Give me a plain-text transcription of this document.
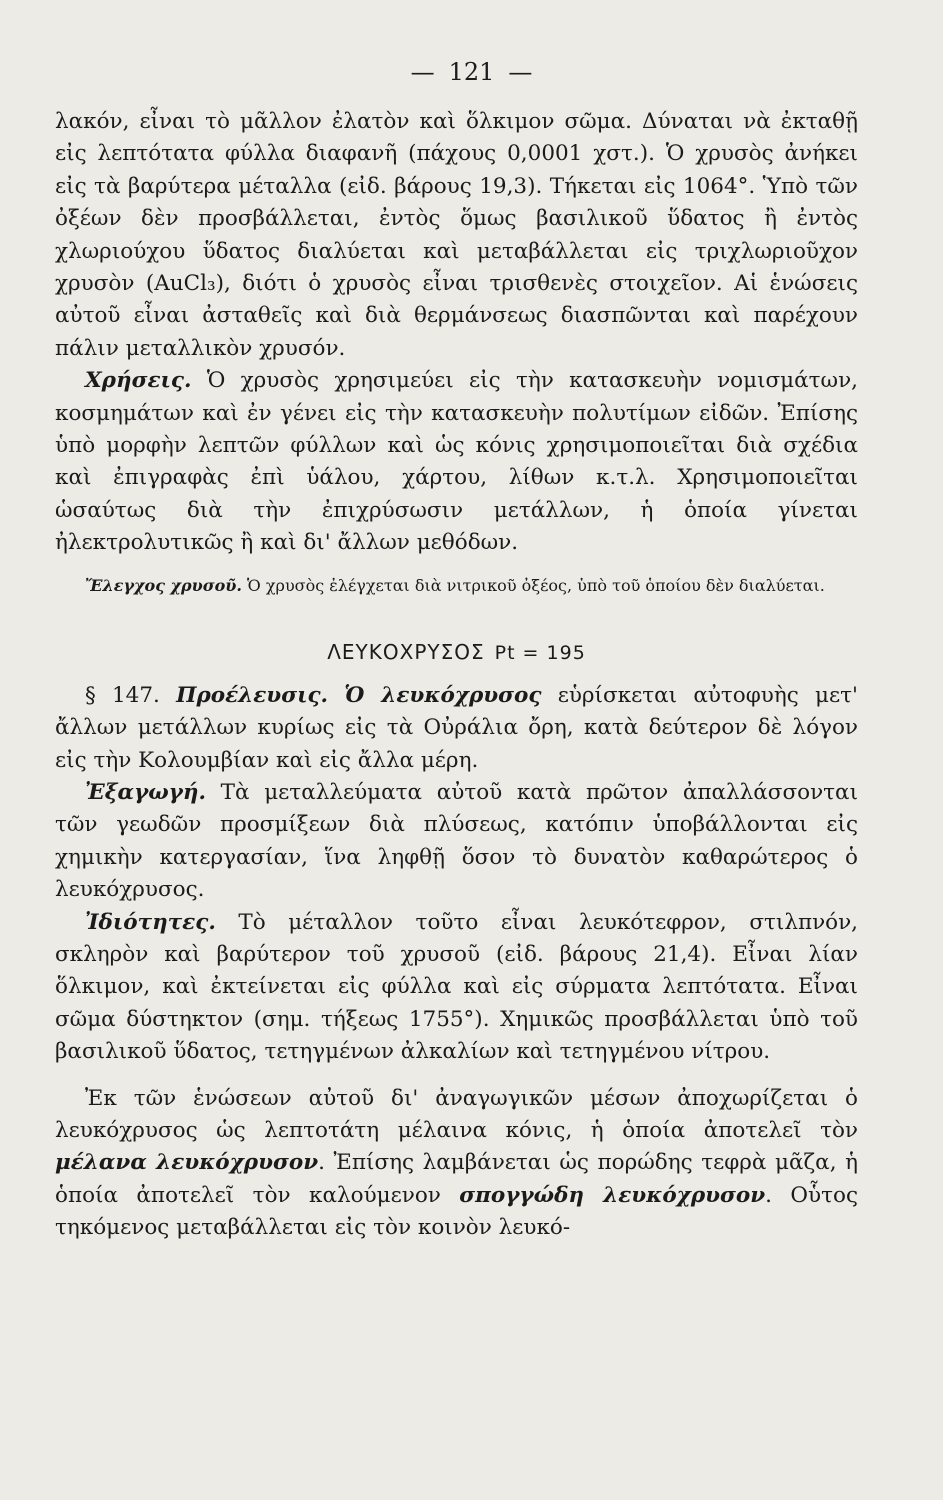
— 121 —

λακόν, εἶναι τὸ μᾶλλον ἐλατὸν καὶ ὅλκιμον σῶμα. Δύναται νὰ ἐκταθῇ εἰς λεπτότατα φύλλα διαφανῆ (πάχους 0,0001 χστ.). Ὁ χρυσὸς ἀνήκει εἰς τὰ βαρύτερα μέταλλα (εἰδ. βάρους 19,3). Τήκεται εἰς 1064°. Ὑπὸ τῶν ὀξέων δὲν προσβάλλεται, ἐντὸς ὅμως βασιλικοῦ ὕδατος ἢ ἐντὸς χλωριούχου ὕδατος διαλύεται καὶ μεταβάλλεται εἰς τριχλωριοῦχον χρυσὸν (AuCl₃), διότι ὁ χρυσὸς εἶναι τρισθενὲς στοιχεῖον. Αἱ ἑνώσεις αὐτοῦ εἶναι ἀσταθεῖς καὶ διὰ θερμάνσεως διασπῶνται καὶ παρέχουν πάλιν μεταλλικὸν χρυσόν.

Χρήσεις. Ὁ χρυσὸς χρησιμεύει εἰς τὴν κατασκευὴν νομισμάτων, κοσμημάτων καὶ ἐν γένει εἰς τὴν κατασκευὴν πολυτίμων εἰδῶν. Ἐπίσης ὑπὸ μορφὴν λεπτῶν φύλλων καὶ ὡς κόνις χρησιμοποιεῖται διὰ σχέδια καὶ ἐπιγραφὰς ἐπὶ ὑάλου, χάρτου, λίθων κ.τ.λ. Χρησιμοποιεῖται ὡσαύτως διὰ τὴν ἐπιχρύσωσιν μετάλλων, ἡ ὁποία γίνεται ἠλεκτρολυτικῶς ἢ καὶ δι' ἄλλων μεθόδων.

Ἔλεγχος χρυσοῦ. Ὁ χρυσὸς ἐλέγχεται διὰ νιτρικοῦ ὀξέος, ὑπὸ τοῦ ὁποίου δὲν διαλύεται.

ΛΕΥΚΟΧΡΥΣΟΣ Pt = 195

§ 147. Προέλευσις. Ὁ λευκόχρυσος εὑρίσκεται αὐτοφυὴς μετ' ἄλλων μετάλλων κυρίως εἰς τὰ Οὐράλια ὄρη, κατὰ δεύτερον δὲ λόγον εἰς τὴν Κολουμβίαν καὶ εἰς ἄλλα μέρη.

Ἐξαγωγή. Τὰ μεταλλεύματα αὐτοῦ κατὰ πρῶτον ἀπαλλάσσονται τῶν γεωδῶν προσμίξεων διὰ πλύσεως, κατόπιν ὑποβάλλονται εἰς χημικὴν κατεργασίαν, ἵνα ληφθῇ ὅσον τὸ δυνατὸν καθαρώτερος ὁ λευκόχρυσος.

Ἰδιότητες. Τὸ μέταλλον τοῦτο εἶναι λευκότεφρον, στιλπνόν, σκληρὸν καὶ βαρύτερον τοῦ χρυσοῦ (εἰδ. βάρους 21,4). Εἶναι λίαν ὅλκιμον, καὶ ἐκτείνεται εἰς φύλλα καὶ εἰς σύρματα λεπτότατα. Εἶναι σῶμα δύστηκτον (σημ. τήξεως 1755°). Χημικῶς προσβάλλεται ὑπὸ τοῦ βασιλικοῦ ὕδατος, τετηγμένων ἀλκαλίων καὶ τετηγμένου νίτρου.

Ἐκ τῶν ἑνώσεων αὐτοῦ δι' ἀναγωγικῶν μέσων ἀποχωρίζεται ὁ λευκόχρυσος ὡς λεπτοτάτη μέλαινα κόνις, ἡ ὁποία ἀποτελεῖ τὸν μέλανα λευκόχρυσον. Ἐπίσης λαμβάνεται ὡς πορώδης τεφρὰ μᾶζα, ἡ ὁποία ἀποτελεῖ τὸν καλούμενον σπογγώδη λευκόχρυσον. Οὗτος τηκόμενος μεταβάλλεται εἰς τὸν κοινὸν λευκό-
